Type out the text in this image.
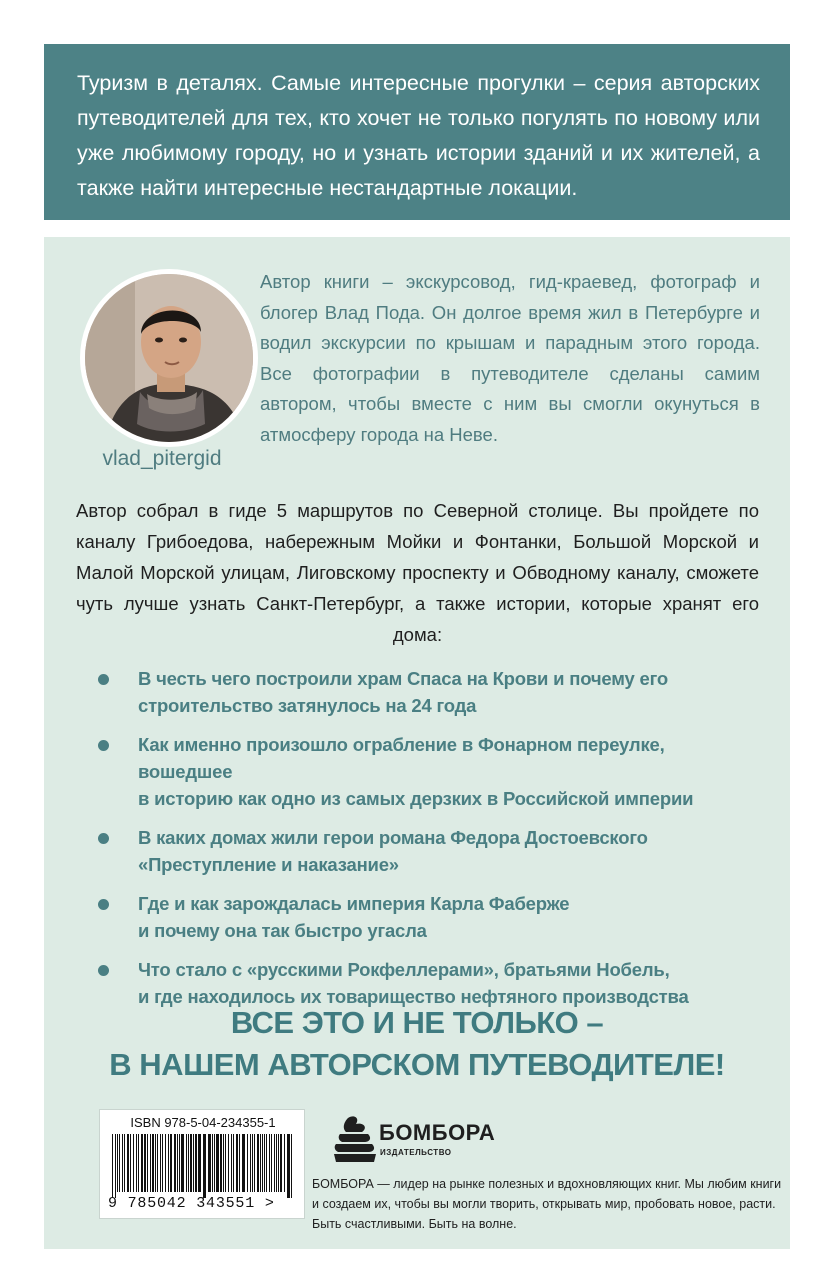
Туризм в деталях. Самые интересные прогулки – серия авторских путеводителей для тех, кто хочет не только погулять по новому или уже любимому городу, но и узнать истории зданий и их жителей, а также найти интересные нестандартные локации.
vlad_pitergid
Автор книги – экскурсовод, гид-краевед, фотограф и блогер Влад Пода. Он долгое время жил в Петербурге и водил экскурсии по крышам и парадным этого города. Все фотографии в путеводителе сделаны самим автором, чтобы вместе с ним вы смогли окунуться в атмосферу города на Неве.
Автор собрал в гиде 5 маршрутов по Северной столице. Вы пройдете по каналу Грибоедова, набережным Мойки и Фонтанки, Большой Морской и Малой Морской улицам, Лиговскому проспекту и Обводному каналу, сможете чуть лучше узнать Санкт-Петербург, а также истории, которые хранят его дома:
В честь чего построили храм Спаса на Крови и почему его
строительство затянулось на 24 года
Как именно произошло ограбление в Фонарном переулке, вошедшее
в историю как одно из самых дерзких в Российской империи
В каких домах жили герои романа Федора Достоевского
«Преступление и наказание»
Где и как зарождалась империя Карла Фаберже
и почему она так быстро угасла
Что стало с «русскими Рокфеллерами», братьями Нобель,
и где находилось их товарищество нефтяного производства
ВСЕ ЭТО И НЕ ТОЛЬКО –
В НАШЕМ АВТОРСКОМ ПУТЕВОДИТЕЛЕ!
ISBN 978-5-04-234355-1
9 785042 343551 >
БОМБОРА
ИЗДАТЕЛЬСТВО
БОМБОРА — лидер на рынке полезных и вдохновляющих книг. Мы любим книги и создаем их, чтобы вы могли творить, открывать мир, пробовать новое, расти. Быть счастливыми. Быть на волне.
